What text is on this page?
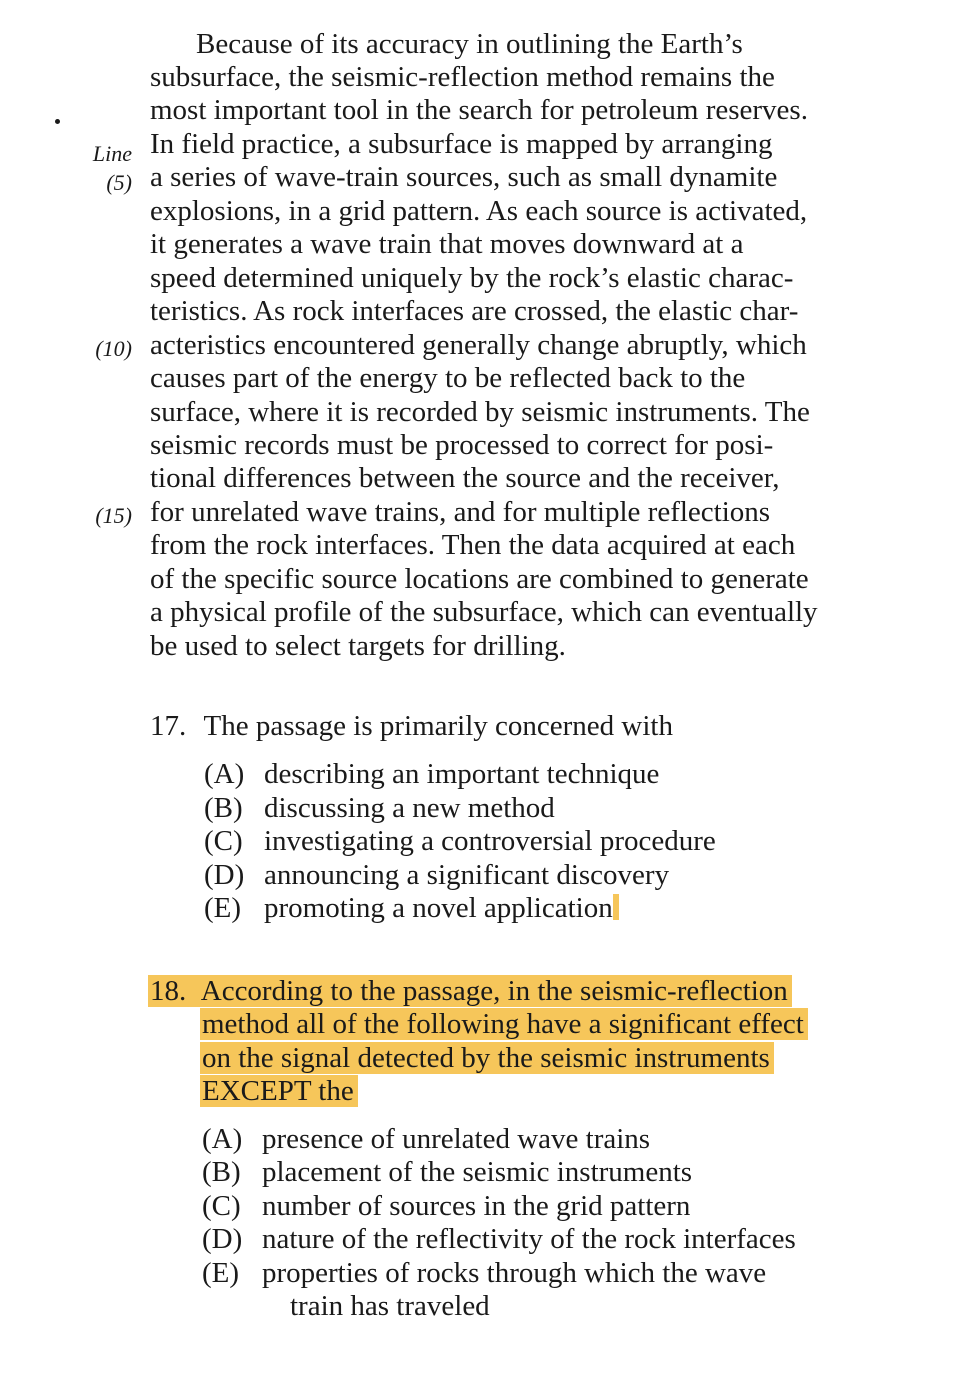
Because of its accuracy in outlining the Earth’s
subsurface, the seismic-reflection method remains the
most important tool in the search for petroleum reserves.
In field practice, a subsurface is mapped by arranging
a series of wave-train sources, such as small dynamite
explosions, in a grid pattern. As each source is activated,
it generates a wave train that moves downward at a
speed determined uniquely by the rock’s elastic charac-
teristics. As rock interfaces are crossed, the elastic char-
acteristics encountered generally change abruptly, which
causes part of the energy to be reflected back to the
surface, where it is recorded by seismic instruments. The
seismic records must be processed to correct for posi-
tional differences between the source and the receiver,
for unrelated wave trains, and for multiple reflections
from the rock interfaces. Then the data acquired at each
of the specific source locations are combined to generate
a physical profile of the subsurface, which can eventually
be used to select targets for drilling.
Line
(5)
(10)
(15)
17. The passage is primarily concerned with
(A) describing an important technique
(B) discussing a new method
(C) investigating a controversial procedure
(D) announcing a significant discovery
(E) promoting a novel application
18. According to the passage, in the seismic-reflection
method all of the following have a significant effect
on the signal detected by the seismic instruments
EXCEPT the
(A) presence of unrelated wave trains
(B) placement of the seismic instruments
(C) number of sources in the grid pattern
(D) nature of the reflectivity of the rock interfaces
(E) properties of rocks through which the wave
train has traveled
